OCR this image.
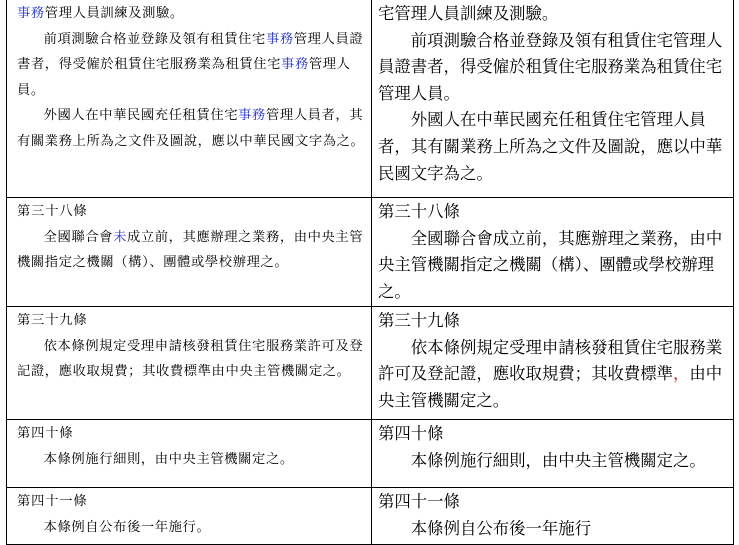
事務管理人員訓練及測驗。
前項測驗合格並登錄及領有租賃住宅事務管理人員證書者，得受僱於租賃住宅服務業為租賃住宅事務管理人員。
外國人在中華民國充任租賃住宅事務管理人員者，其有關業務上所為之文件及圖說，應以中華民國文字為之。
宅管理人員訓練及測驗。
前項測驗合格並登錄及領有租賃住宅管理人員證書者，得受僱於租賃住宅服務業為租賃住宅管理人員。
外國人在中華民國充任租賃住宅管理人員者，其有關業務上所為之文件及圖說，應以中華民國文字為之。
第三十八條
全國聯合會未成立前，其應辦理之業務，由中央主管機關指定之機關（構）、團體或學校辦理之。
第三十八條
全國聯合會成立前，其應辦理之業務，由中央主管機關指定之機關（構）、團體或學校辦理之。
第三十九條
依本條例規定受理申請核發租賃住宅服務業許可及登記證，應收取規費；其收費標準由中央主管機關定之。
第三十九條
依本條例規定受理申請核發租賃住宅服務業許可及登記證，應收取規費；其收費標準，由中央主管機關定之。
第四十條
本條例施行細則，由中央主管機關定之。
第四十條
本條例施行細則，由中央主管機關定之。
第四十一條
本條例自公布後一年施行。
第四十一條
本條例自公布後一年施行
